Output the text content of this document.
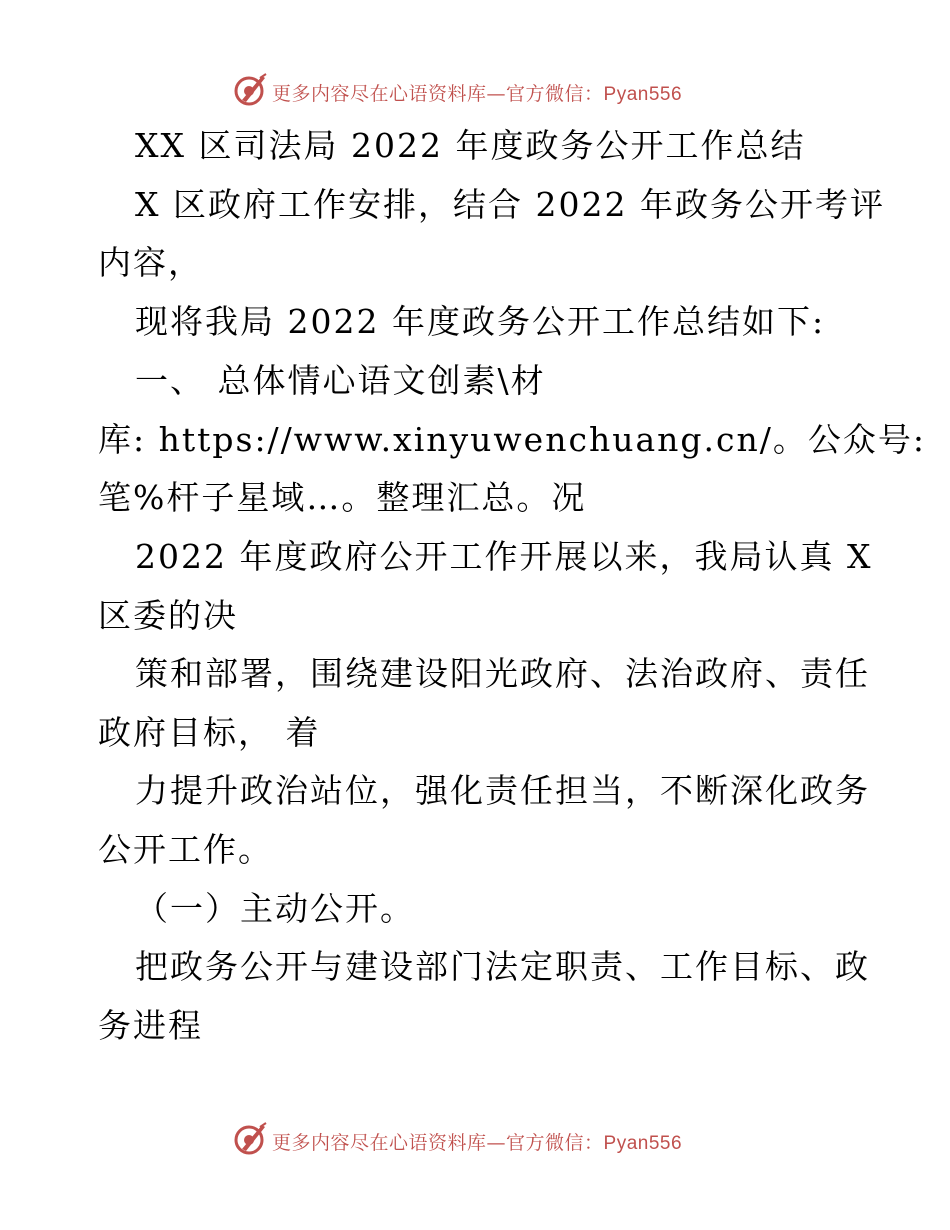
更多内容尽在心语资料库—官方微信：Pyan556
XX 区司法局 2022 年度政务公开工作总结
X 区政府工作安排，结合 2022 年政务公开考评
内容，
现将我局 2022 年度政务公开工作总结如下:
一、 总体情心语文创素\材
库: https://www.xinyuwenchuang.cn/。公众号:
笔%杆子星域…。整理汇总。况
2022 年度政府公开工作开展以来，我局认真 X
区委的决
策和部署，围绕建设阳光政府、法治政府、责任
政府目标， 着
力提升政治站位，强化责任担当，不断深化政务
公开工作。
（一）主动公开。
把政务公开与建设部门法定职责、工作目标、政
务进程
更多内容尽在心语资料库—官方微信：Pyan556
